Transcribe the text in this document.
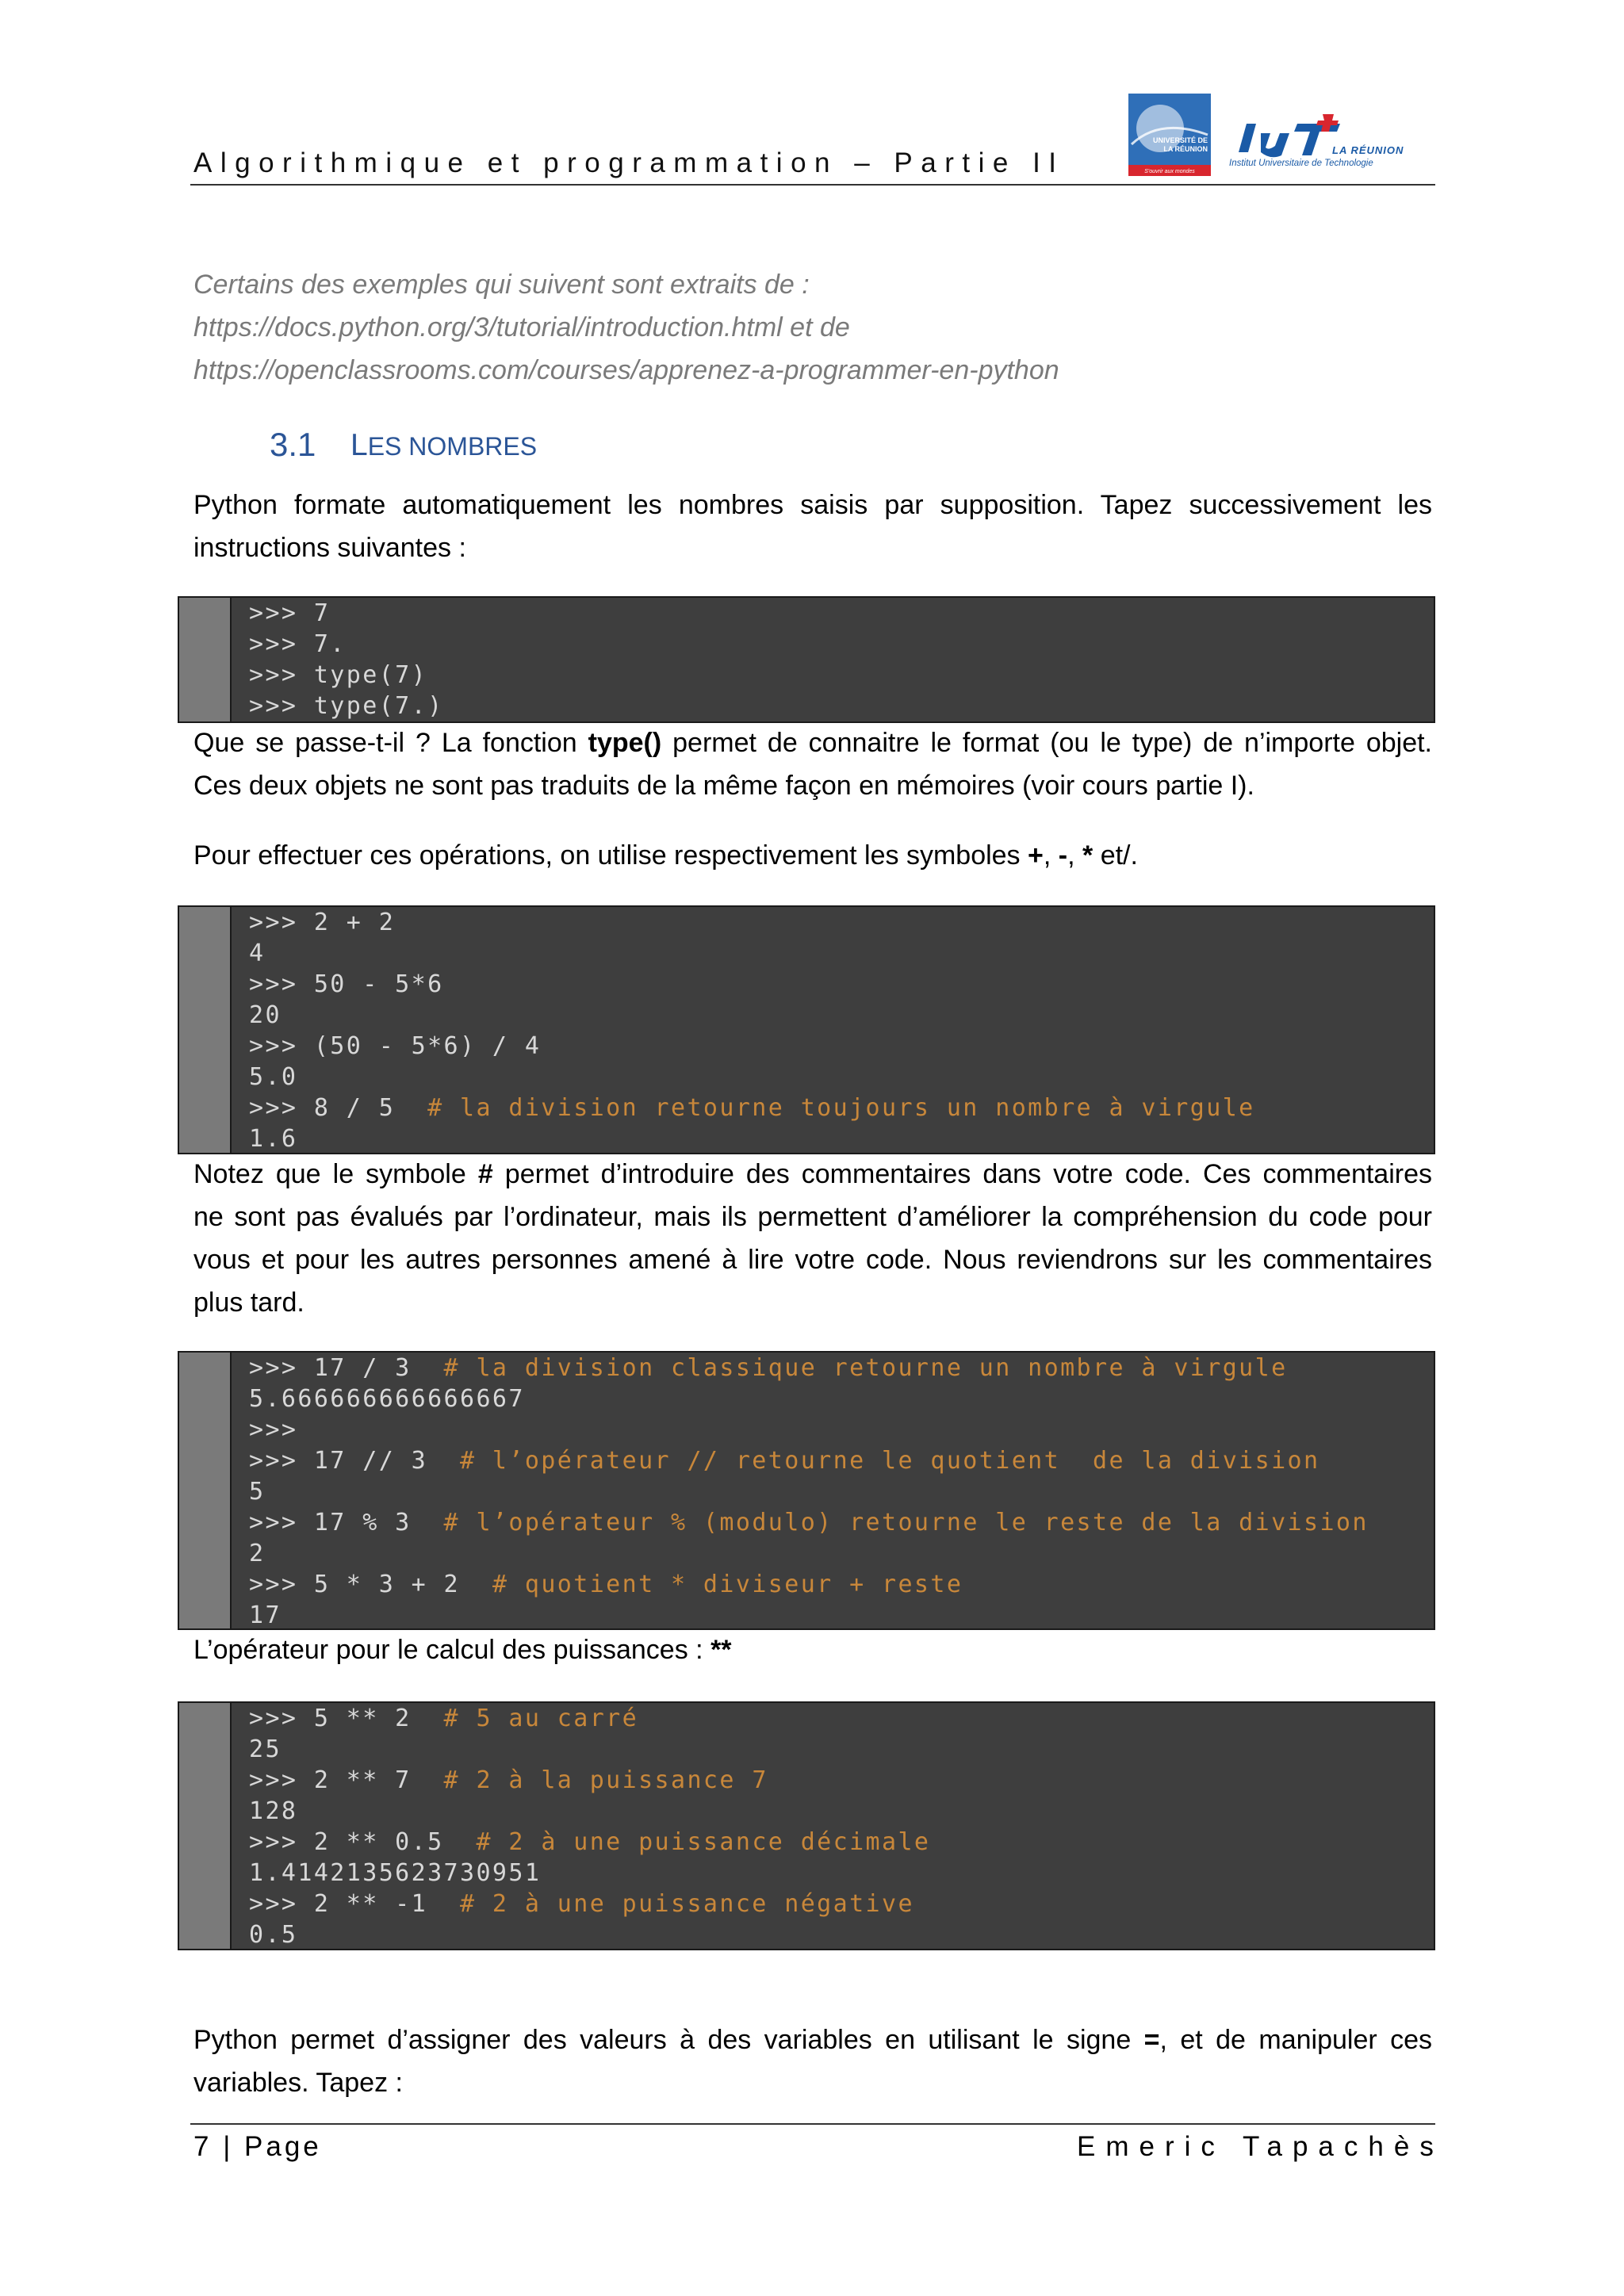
Algorithmique et programmation – Partie II
UNIVERSITÉ DE
LA RÉUNION
S'ouvrir aux mondes
LA RÉUNION
Institut Universitaire de Technologie
Certains des exemples qui suivent sont extraits de :
https://docs.python.org/3/tutorial/introduction.html et de
https://openclassrooms.com/courses/apprenez-a-programmer-en-python
3.1 LES NOMBRES
Python formate automatiquement les nombres saisis par supposition. Tapez successivement les
instructions suivantes :
>>> 7
>>> 7.
>>> type(7)
>>> type(7.)
Que se passe-t-il ? La fonction type() permet de connaitre le format (ou le type) de n’importe objet.
Ces deux objets ne sont pas traduits de la même façon en mémoires (voir cours partie I).
Pour effectuer ces opérations, on utilise respectivement les symboles +, -, * et/.
>>> 2 + 2
4
>>> 50 - 5*6
20
>>> (50 - 5*6) / 4
5.0
>>> 8 / 5  # la division retourne toujours un nombre à virgule
1.6
Notez que le symbole # permet d’introduire des commentaires dans votre code. Ces commentaires
ne sont pas évalués par l’ordinateur, mais ils permettent d’améliorer la compréhension du code pour
vous et pour les autres personnes amené à lire votre code. Nous reviendrons sur les commentaires
plus tard.
>>> 17 / 3  # la division classique retourne un nombre à virgule
5.666666666666667
>>>
>>> 17 // 3  # l’opérateur // retourne le quotient  de la division
5
>>> 17 % 3  # l’opérateur % (modulo) retourne le reste de la division
2
>>> 5 * 3 + 2  # quotient * diviseur + reste
17
L’opérateur pour le calcul des puissances : **
>>> 5 ** 2  # 5 au carré
25
>>> 2 ** 7  # 2 à la puissance 7
128
>>> 2 ** 0.5  # 2 à une puissance décimale
1.4142135623730951
>>> 2 ** -1  # 2 à une puissance négative
0.5
Python permet d’assigner des valeurs à des variables en utilisant le signe =, et de manipuler ces
variables. Tapez :
7 | Page	Emeric Tapachès
